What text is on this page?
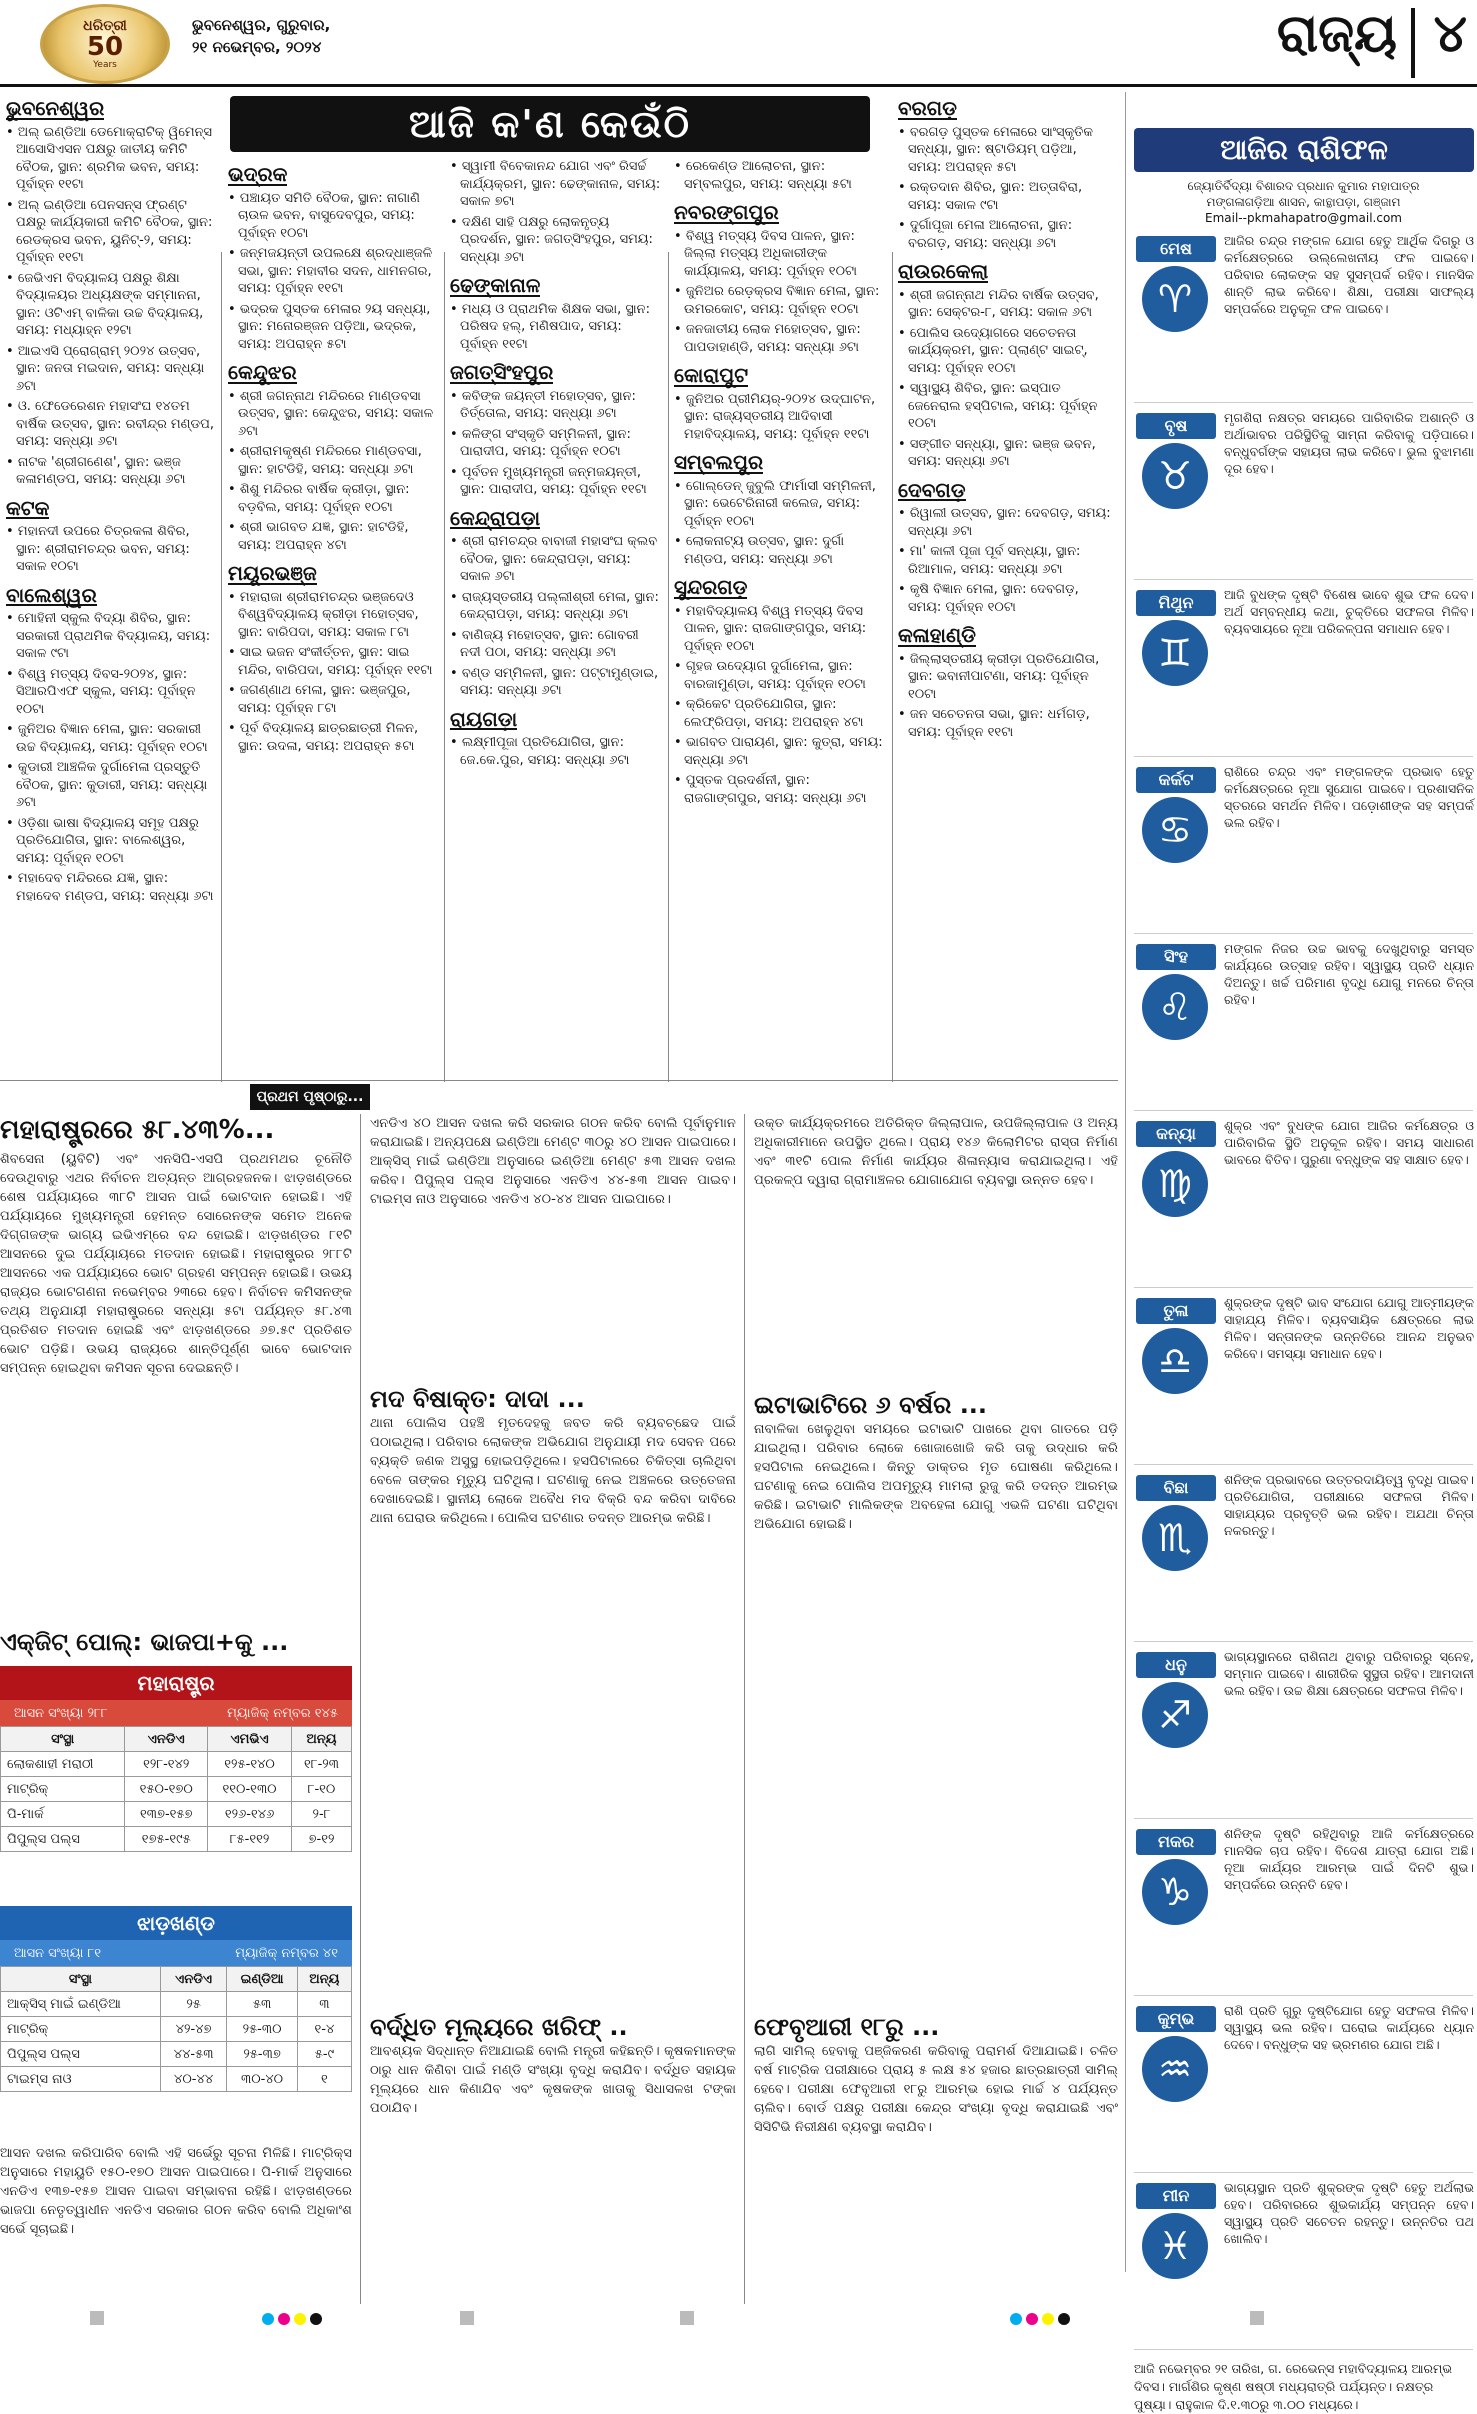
ଧରିତ୍ରୀ
50
Years
ଭୁବନେଶ୍ୱର, ଗୁରୁବାର,
୨୧ ନଭେମ୍ବର, ୨୦୨୪	ରାଜ୍ୟ ୪
ଭୁବନେଶ୍ୱର
• ଅଲ୍ ଇଣ୍ଡିଆ ଡେମୋକ୍ରାଟିକ୍ ୱିମେନ୍ସ ଆସୋସିଏସନ ପକ୍ଷରୁ ଜାତୀୟ କମିଟି ବୈଠକ, ସ୍ଥାନ: ଶ୍ରମିକ ଭବନ, ସମୟ: ପୂର୍ବାହ୍ନ ୧୧ଟା
• ଅଲ୍ ଇଣ୍ଡିଆ ପେନସନ୍ସ ଫ୍ରଣ୍ଟ ପକ୍ଷରୁ କାର୍ଯ୍ୟକାରୀ କମିଟି ବୈଠକ, ସ୍ଥାନ: ରେଡକ୍ରସ ଭବନ, ୟୁନିଟ୍-୨, ସମୟ: ପୂର୍ବାହ୍ନ ୧୧ଟା
• ଜେଭିଏମ ବିଦ୍ୟାଳୟ ପକ୍ଷରୁ ଶିକ୍ଷା ବିଦ୍ୟାଳୟର ଅଧ୍ୟକ୍ଷଙ୍କ ସମ୍ମାନନା, ସ୍ଥାନ: ଓଟିଏମ୍ ବାଳିକା ଉଚ୍ଚ ବିଦ୍ୟାଳୟ, ସମୟ: ମଧ୍ୟାହ୍ନ ୧୨ଟା
• ଆଇଏସି ପ୍ରୋଗ୍ରାମ୍ ୨୦୨୪ ଉତ୍ସବ, ସ୍ଥାନ: ଜନତା ମଇଦାନ, ସମୟ: ସନ୍ଧ୍ୟା ୬ଟା
• ଓ. ଫେଡେରେଶନ ମହାସଂଘ ୧୪ତମ ବାର୍ଷିକ ଉତ୍ସବ, ସ୍ଥାନ: ରବୀନ୍ଦ୍ର ମଣ୍ଡପ, ସମୟ: ସନ୍ଧ୍ୟା ୬ଟା
• ନାଟକ 'ଶ୍ରୀଗଣେଶ', ସ୍ଥାନ: ଭଞ୍ଜ କଳାମଣ୍ଡପ, ସମୟ: ସନ୍ଧ୍ୟା ୬ଟା
କଟକ
• ମହାନଦୀ ଉପରେ ଚିତ୍ରକଳା ଶିବିର, ସ୍ଥାନ: ଶ୍ରୀରାମଚନ୍ଦ୍ର ଭବନ, ସମୟ: ସକାଳ ୧୦ଟା
ବାଲେଶ୍ୱର
• ମୋହିନୀ ସ୍କୁଲ ବିଦ୍ୟା ଶିବିର, ସ୍ଥାନ: ସରକାରୀ ପ୍ରାଥମିକ ବିଦ୍ୟାଳୟ, ସମୟ: ସକାଳ ୯ଟା
• ବିଶ୍ୱ ମତ୍ସ୍ୟ ଦିବସ-୨୦୨୪, ସ୍ଥାନ: ସିଆରପିଏଫ ସ୍କୁଲ, ସମୟ: ପୂର୍ବାହ୍ନ ୧୦ଟା
• ଜୁନିଅର ବିଜ୍ଞାନ ମେଳା, ସ୍ଥାନ: ସରକାରୀ ଉଚ୍ଚ ବିଦ୍ୟାଳୟ, ସମୟ: ପୂର୍ବାହ୍ନ ୧୦ଟା
• କୁଡାରୀ ଆଞ୍ଚଳିକ ଦୁର୍ଗାମେଳା ପ୍ରସ୍ତୁତି ବୈଠକ, ସ୍ଥାନ: କୁଡାରୀ, ସମୟ: ସନ୍ଧ୍ୟା ୬ଟା
• ଓଡ଼ିଶା ଭାଷା ବିଦ୍ୟାଳୟ ସମୂହ ପକ୍ଷରୁ ପ୍ରତିଯୋଗିତା, ସ୍ଥାନ: ବାଲେଶ୍ୱର, ସମୟ: ପୂର୍ବାହ୍ନ ୧୦ଟା
• ମହାଦେବ ମନ୍ଦିରରେ ଯଜ୍ଞ, ସ୍ଥାନ: ମହାଦେବ ମଣ୍ଡପ, ସମୟ: ସନ୍ଧ୍ୟା ୬ଟା
ଭଦ୍ରକ
• ପଞ୍ଚାୟତ ସମିତି ବୈଠକ, ସ୍ଥାନ: ନାଗାଣି ଚାଉଳ ଭବନ, ବାସୁଦେବପୁର, ସମୟ: ପୂର୍ବାହ୍ନ ୧୦ଟା
• ଜନ୍ମଜୟନ୍ତୀ ଉପଲକ୍ଷେ ଶ୍ରଦ୍ଧାଞ୍ଜଳି ସଭା, ସ୍ଥାନ: ମହାବୀର ସଦନ, ଧାମନଗର, ସମୟ: ପୂର୍ବାହ୍ନ ୧୧ଟା
• ଭଦ୍ରକ ପୁସ୍ତକ ମେଳାର ୨ୟ ସନ୍ଧ୍ୟା, ସ୍ଥାନ: ମନୋରଞ୍ଜନ ପଡ଼ିଆ, ଭଦ୍ରକ, ସମୟ: ଅପରାହ୍ନ ୫ଟା
କେନ୍ଦୁଝର
• ଶ୍ରୀ ଜଗନ୍ନାଥ ମନ୍ଦିରରେ ମାଣ୍ଡବସା ଉତ୍ସବ, ସ୍ଥାନ: କେନ୍ଦୁଝର, ସମୟ: ସକାଳ ୬ଟା
• ଶ୍ରୀରାମକୃଷ୍ଣ ମନ୍ଦିରରେ ମାଣ୍ଡବସା, ସ୍ଥାନ: ହାଟଡିହି, ସମୟ: ସନ୍ଧ୍ୟା ୬ଟା
• ଶିଶୁ ମନ୍ଦିରର ବାର୍ଷିକ କ୍ରୀଡ଼ା, ସ୍ଥାନ: ବଡ଼ବିଲ, ସମୟ: ପୂର୍ବାହ୍ନ ୧୦ଟା
• ଶ୍ରୀ ଭାଗବତ ଯଜ୍ଞ, ସ୍ଥାନ: ହାଟଡିହି, ସମୟ: ଅପରାହ୍ନ ୪ଟା
ମୟୂରଭଞ୍ଜ
• ମହାରାଜା ଶ୍ରୀରାମଚନ୍ଦ୍ର ଭଞ୍ଜଦେଓ ବିଶ୍ୱବିଦ୍ୟାଳୟ କ୍ରୀଡ଼ା ମହୋତ୍ସବ, ସ୍ଥାନ: ବାରିପଦା, ସମୟ: ସକାଳ ୮ଟା
• ସାଇ ଭଜନ ସଂକୀର୍ତ୍ତନ, ସ୍ଥାନ: ସାଇ ମନ୍ଦିର, ବାରିପଦା, ସମୟ: ପୂର୍ବାହ୍ନ ୧୧ଟା
• ଜଗଣ୍ଣାଥ ମେଳା, ସ୍ଥାନ: ଭଞ୍ଜପୁର, ସମୟ: ପୂର୍ବାହ୍ନ ୮ଟା
• ପୂର୍ବ ବିଦ୍ୟାଳୟ ଛାତ୍ରଛାତ୍ରୀ ମିଳନ, ସ୍ଥାନ: ଉଦଳା, ସମୟ: ଅପରାହ୍ନ ୫ଟା
• ସ୍ୱାମୀ ବିବେକାନନ୍ଦ ଯୋଗ ଏବଂ ରିସର୍ଚ୍ଚ କାର୍ଯ୍ୟକ୍ରମ, ସ୍ଥାନ: ଢେଙ୍କାନାଳ, ସମୟ: ସକାଳ ୭ଟା
• ଦକ୍ଷିଣ ସାହି ପକ୍ଷରୁ ଲୋକନୃତ୍ୟ ପ୍ରଦର୍ଶନ, ସ୍ଥାନ: ଜଗତ୍ସିଂହପୁର, ସମୟ: ସନ୍ଧ୍ୟା ୬ଟା
ଢେଙ୍କାନାଳ
• ମଧ୍ୟ ଓ ପ୍ରାଥମିକ ଶିକ୍ଷକ ସଭା, ସ୍ଥାନ: ପରିଷଦ ହଲ୍, ମଣିଷପାଦ, ସମୟ: ପୂର୍ବାହ୍ନ ୧୧ଟା
ଜଗତ୍‌ସିଂହପୁର
• କବିଙ୍କ ଜୟନ୍ତୀ ମହୋତ୍ସବ, ସ୍ଥାନ: ତିର୍ତ୍ତୋଲ, ସମୟ: ସନ୍ଧ୍ୟା ୬ଟା
• କଳିଙ୍ଗ ସଂସ୍କୃତି ସମ୍ମିଳନୀ, ସ୍ଥାନ: ପାରାଦୀପ, ସମୟ: ପୂର୍ବାହ୍ନ ୧୦ଟା
• ପୂର୍ବତନ ମୁଖ୍ୟମନ୍ତ୍ରୀ ଜନ୍ମଜୟନ୍ତୀ, ସ୍ଥାନ: ପାରାଦୀପ, ସମୟ: ପୂର୍ବାହ୍ନ ୧୧ଟା
କେନ୍ଦ୍ରାପଡ଼ା
• ଶ୍ରୀ ରାମଚନ୍ଦ୍ର ବାବାଜୀ ମହାସଂଘ କ୍ଲବ ବୈଠକ, ସ୍ଥାନ: କେନ୍ଦ୍ରାପଡ଼ା, ସମୟ: ସକାଳ ୬ଟା
• ରାଜ୍ୟସ୍ତରୀୟ ପଲ୍ଲୀଶ୍ରୀ ମେଳା, ସ୍ଥାନ: କେନ୍ଦ୍ରାପଡ଼ା, ସମୟ: ସନ୍ଧ୍ୟା ୬ଟା
• ବାଣିଜ୍ୟ ମହୋତ୍ସବ, ସ୍ଥାନ: ଗୋବରୀ ନଦୀ ପଠା, ସମୟ: ସନ୍ଧ୍ୟା ୬ଟା
• ବଣ୍ଡ ସମ୍ମିଳନୀ, ସ୍ଥାନ: ପଟ୍ଟାମୁଣ୍ଡାଇ, ସମୟ: ସନ୍ଧ୍ୟା ୬ଟା
ରାୟଗଡ଼ା
• ଲକ୍ଷ୍ମୀପୂଜା ପ୍ରତିଯୋଗିତା, ସ୍ଥାନ: ଜେ.କେ.ପୁର, ସମୟ: ସନ୍ଧ୍ୟା ୬ଟା
• ରେକେଣ୍ଡ ଆଲୋଚନା, ସ୍ଥାନ: ସମ୍ବଲପୁର, ସମୟ: ସନ୍ଧ୍ୟା ୫ଟା
ନବରଙ୍ଗପୁର
• ବିଶ୍ୱ ମତ୍ସ୍ୟ ଦିବସ ପାଳନ, ସ୍ଥାନ: ଜିଲ୍ଲା ମତ୍ସ୍ୟ ଅଧିକାରୀଙ୍କ କାର୍ଯ୍ୟାଳୟ, ସମୟ: ପୂର୍ବାହ୍ନ ୧୦ଟା
• ଜୁନିଅର ରେଡ଼କ୍ରସ ବିଜ୍ଞାନ ମେଳା, ସ୍ଥାନ: ଉମରକୋଟ, ସମୟ: ପୂର୍ବାହ୍ନ ୧୦ଟା
• ଜନଜାତୀୟ ଲୋକ ମହୋତ୍ସବ, ସ୍ଥାନ: ପାପଡାହାଣ୍ଡି, ସମୟ: ସନ୍ଧ୍ୟା ୬ଟା
କୋରାପୁଟ
• ଜୁନିଅର ପ୍ରୀମିୟର୍-୨୦୨୪ ଉଦ୍‌ଘାଟନ, ସ୍ଥାନ: ରାଜ୍ୟସ୍ତରୀୟ ଆଦିବାସୀ ମହାବିଦ୍ୟାଳୟ, ସମୟ: ପୂର୍ବାହ୍ନ ୧୧ଟା
ସମ୍ବଲପୁର
• ଗୋଲ୍ଡେନ୍ ଜୁବୁଲି ଫାର୍ମାସୀ ସମ୍ମିଳନୀ, ସ୍ଥାନ: ଭେଟେରିନାରୀ କଲେଜ, ସମୟ: ପୂର୍ବାହ୍ନ ୧୦ଟା
• ଲୋକନାଟ୍ୟ ଉତ୍ସବ, ସ୍ଥାନ: ଦୁର୍ଗା ମଣ୍ଡପ, ସମୟ: ସନ୍ଧ୍ୟା ୬ଟା
ସୁନ୍ଦରଗଡ଼
• ମହାବିଦ୍ୟାଳୟ ବିଶ୍ୱ ମତ୍ସ୍ୟ ଦିବସ ପାଳନ, ସ୍ଥାନ: ରାଜଗାଙ୍ଗପୁର, ସମୟ: ପୂର୍ବାହ୍ନ ୧୦ଟା
• ଗୃହଜ ଉଦ୍ୟୋଗ ଦୁର୍ଗାମେଳା, ସ୍ଥାନ: ବାରଜାମୁଣ୍ଡା, ସମୟ: ପୂର୍ବାହ୍ନ ୧୦ଟା
• କ୍ରିକେଟ ପ୍ରତିଯୋଗିତା, ସ୍ଥାନ: ଲେଫ୍ରିପଡ଼ା, ସମୟ: ଅପରାହ୍ନ ୪ଟା
• ଭାଗବତ ପାରାୟଣ, ସ୍ଥାନ: କୁତ୍ରା, ସମୟ: ସନ୍ଧ୍ୟା ୬ଟା
• ପୁସ୍ତକ ପ୍ରଦର୍ଶନୀ, ସ୍ଥାନ: ରାଜଗାଙ୍ଗପୁର, ସମୟ: ସନ୍ଧ୍ୟା ୬ଟା
ବରଗଡ଼
• ବରଗଡ଼ ପୁସ୍ତକ ମେଳାରେ ସାଂସ୍କୃତିକ ସନ୍ଧ୍ୟା, ସ୍ଥାନ: ଷ୍ଟାଡିୟମ୍ ପଡ଼ିଆ, ସମୟ: ଅପରାହ୍ନ ୫ଟା
• ରକ୍ତଦାନ ଶିବିର, ସ୍ଥାନ: ଅତ୍ତାବିରା, ସମୟ: ସକାଳ ୯ଟା
• ଦୁର୍ଗାପୂଜା ମେଳା ଆଲୋଚନା, ସ୍ଥାନ: ବରଗଡ଼, ସମୟ: ସନ୍ଧ୍ୟା ୬ଟା
ରାଉରକେଲା
• ଶ୍ରୀ ଜଗନ୍ନାଥ ମନ୍ଦିର ବାର୍ଷିକ ଉତ୍ସବ, ସ୍ଥାନ: ସେକ୍ଟର-୮, ସମୟ: ସକାଳ ୬ଟା
• ପୋଲିସ ଉଦ୍ୟୋଗରେ ସଚେତନତା କାର୍ଯ୍ୟକ୍ରମ, ସ୍ଥାନ: ପ୍ଲାଣ୍ଟ ସାଇଟ୍, ସମୟ: ପୂର୍ବାହ୍ନ ୧୦ଟା
• ସ୍ୱାସ୍ଥ୍ୟ ଶିବିର, ସ୍ଥାନ: ଇସ୍ପାତ ଜେନେରାଲ ହସ୍ପିଟାଲ, ସମୟ: ପୂର୍ବାହ୍ନ ୧୦ଟା
• ସଙ୍ଗୀତ ସନ୍ଧ୍ୟା, ସ୍ଥାନ: ଭଞ୍ଜ ଭବନ, ସମୟ: ସନ୍ଧ୍ୟା ୬ଟା
ଦେବଗଡ଼
• ରିୱାଲୀ ଉତ୍ସବ, ସ୍ଥାନ: ଦେବଗଡ଼, ସମୟ: ସନ୍ଧ୍ୟା ୬ଟା
• ମା' କାଳୀ ପୂଜା ପୂର୍ବ ସନ୍ଧ୍ୟା, ସ୍ଥାନ: ରିଆମାଳ, ସମୟ: ସନ୍ଧ୍ୟା ୬ଟା
• କୃଷି ବିଜ୍ଞାନ ମେଳା, ସ୍ଥାନ: ଦେବଗଡ଼, ସମୟ: ପୂର୍ବାହ୍ନ ୧୦ଟା
କଳାହାଣ୍ଡି
• ଜିଲ୍ଲାସ୍ତରୀୟ କ୍ରୀଡ଼ା ପ୍ରତିଯୋଗିତା, ସ୍ଥାନ: ଭବାନୀପାଟଣା, ସମୟ: ପୂର୍ବାହ୍ନ ୧୦ଟା
• ଜନ ସଚେତନତା ସଭା, ସ୍ଥାନ: ଧର୍ମଗଡ଼, ସମୟ: ପୂର୍ବାହ୍ନ ୧୧ଟା
ଆଜି କ'ଣ କେଉଁଠି
ଆଜିର ରାଶିଫଳ
ଜ୍ୟୋତିର୍ବିଦ୍ୟା ବିଶାରଦ ପ୍ରଧାନ କୁମାର ମହାପାତ୍ର
ମଙ୍ଗଳାଗଡ଼ିଆ ଶାସନ, କାନ୍ଥାପଡ଼ା, ଗଞ୍ଜାମ
Email--pkmahapatro@gmail.com
ମେଷ
♈
ଆଜିର ଚନ୍ଦ୍ର ମଙ୍ଗଳ ଯୋଗ ହେତୁ ଆର୍ଥିକ ଦିଗରୁ ଓ କର୍ମକ୍ଷେତ୍ରରେ ଉଲ୍ଲେଖନୀୟ ଫଳ ପାଇବେ। ପରିବାର ଲୋକଙ୍କ ସହ ସୁସମ୍ପର୍କ ରହିବ। ମାନସିକ ଶାନ୍ତି ଲାଭ କରିବେ। ଶିକ୍ଷା, ପରୀକ୍ଷା ସାଫଲ୍ୟ ସମ୍ପର୍କରେ ଅନୁକୂଳ ଫଳ ପାଇବେ।
ବୃଷ
♉
ମୃଗଶିରା ନକ୍ଷତ୍ର ସମୟରେ ପାରିବାରିକ ଅଶାନ୍ତି ଓ ଅର୍ଥାଭାବର ପରିସ୍ଥିତିକୁ ସାମ୍ନା କରିବାକୁ ପଡ଼ିପାରେ। ବନ୍ଧୁବର୍ଗଙ୍କ ସହାୟତା ଲାଭ କରିବେ। ଭୁଲ ବୁଝାମଣା ଦୂର ହେବ।
ମିଥୁନ
♊
ଆଜି ବୁଧଙ୍କ ଦୃଷ୍ଟି ବିଶେଷ ଭାବେ ଶୁଭ ଫଳ ଦେବ। ଅର୍ଥ ସମ୍ବନ୍ଧୀୟ କଥା, ଚୁକ୍ତିରେ ସଫଳତା ମିଳିବ। ବ୍ୟବସାୟରେ ନୂଆ ପରିକଳ୍ପନା ସମାଧାନ ହେବ।
କର୍କଟ
♋
ରାଶିରେ ଚନ୍ଦ୍ର ଏବଂ ମଙ୍ଗଳଙ୍କ ପ୍ରଭାବ ହେତୁ କର୍ମକ୍ଷେତ୍ରରେ ନୂଆ ସୁଯୋଗ ପାଇବେ। ପ୍ରଶାସନିକ ସ୍ତରରେ ସମର୍ଥନ ମିଳିବ। ପଡ଼ୋଶୀଙ୍କ ସହ ସମ୍ପର୍କ ଭଲ ରହିବ।
ସିଂହ
♌
ମଙ୍ଗଳ ନିଜର ଉଚ୍ଚ ଭାବକୁ ଦେଖୁଥିବାରୁ ସମସ୍ତ କାର୍ଯ୍ୟରେ ଉତ୍ସାହ ରହିବ। ସ୍ୱାସ୍ଥ୍ୟ ପ୍ରତି ଧ୍ୟାନ ଦିଅନ୍ତୁ। ଖର୍ଚ୍ଚ ପରିମାଣ ବୃଦ୍ଧି ଯୋଗୁ ମନରେ ଚିନ୍ତା ରହିବ।
କନ୍ୟା
♍
ଶୁକ୍ର ଏବଂ ବୁଧଙ୍କ ଯୋଗ ଆଜିର କର୍ମକ୍ଷେତ୍ର ଓ ପାରିବାରିକ ସ୍ଥିତି ଅନୁକୂଳ ରହିବ। ସମୟ ସାଧାରଣ ଭାବରେ ବିତିବ। ପୁରୁଣା ବନ୍ଧୁଙ୍କ ସହ ସାକ୍ଷାତ ହେବ।
ତୁଳା
♎
ଶୁକ୍ରଙ୍କ ଦୃଷ୍ଟି ଭାବ ସଂଯୋଗ ଯୋଗୁ ଆତ୍ମୀୟଙ୍କ ସାହାଯ୍ୟ ମିଳିବ। ବ୍ୟବସାୟିକ କ୍ଷେତ୍ରରେ ଲାଭ ମିଳିବ। ସନ୍ତାନଙ୍କ ଉନ୍ନତିରେ ଆନନ୍ଦ ଅନୁଭବ କରିବେ। ସମସ୍ୟା ସମାଧାନ ହେବ।
ବିଛା
♏
ଶନିଙ୍କ ପ୍ରଭାବରେ ଉତ୍ତରଦାୟିତ୍ୱ ବୃଦ୍ଧି ପାଇବ। ପ୍ରତିଯୋଗିତା, ପରୀକ୍ଷାରେ ସଫଳତା ମିଳିବ। ସାହାଯ୍ୟର ପ୍ରବୃତ୍ତି ଭଲ ରହିବ। ଅଯଥା ଚିନ୍ତା ନକରନ୍ତୁ।
ଧନୁ
♐
ଭାଗ୍ୟସ୍ଥାନରେ ରାଶିନାଥ ଥିବାରୁ ପରିବାରରୁ ସ୍ନେହ, ସମ୍ମାନ ପାଇବେ। ଶାରୀରିକ ସୁସ୍ଥତା ରହିବ। ଆମଦାନୀ ଭଲ ରହିବ। ଉଚ୍ଚ ଶିକ୍ଷା କ୍ଷେତ୍ରରେ ସଫଳତା ମିଳିବ।
ମକର
♑
ଶନିଙ୍କ ଦୃଷ୍ଟି ରହିଥିବାରୁ ଆଜି କର୍ମକ୍ଷେତ୍ରରେ ମାନସିକ ଚାପ ରହିବ। ବିଦେଶ ଯାତ୍ରା ଯୋଗ ଅଛି। ନୂଆ କାର୍ଯ୍ୟର ଆରମ୍ଭ ପାଇଁ ଦିନଟି ଶୁଭ। ସମ୍ପର୍କରେ ଉନ୍ନତି ହେବ।
କୁମ୍ଭ
♒
ରାଶି ପ୍ରତି ଗୁରୁ ଦୃଷ୍ଟିଯୋଗ ହେତୁ ସଫଳତା ମିଳିବ। ସ୍ୱାସ୍ଥ୍ୟ ଭଲ ରହିବ। ଘରୋଇ କାର୍ଯ୍ୟରେ ଧ୍ୟାନ ଦେବେ। ବନ୍ଧୁଙ୍କ ସହ ଭ୍ରମଣର ଯୋଗ ଅଛି।
ମୀନ
♓
ଭାଗ୍ୟସ୍ଥାନ ପ୍ରତି ଶୁକ୍ରଙ୍କ ଦୃଷ୍ଟି ହେତୁ ଅର୍ଥଲାଭ ହେବ। ପରିବାରରେ ଶୁଭକାର୍ଯ୍ୟ ସମ୍ପନ୍ନ ହେବ। ସ୍ୱାସ୍ଥ୍ୟ ପ୍ରତି ସଚେତନ ରହନ୍ତୁ। ଉନ୍ନତିର ପଥ ଖୋଲିବ।
ଆଜି ନଭେମ୍ବର ୨୧ ତାରିଖ, ଗ. ରେଭେନ୍ସ ମହାବିଦ୍ୟାଳୟ ଆରମ୍ଭ ଦିବସ। ମାର୍ଗଶିର କୃଷ୍ଣ ଷଷ୍ଠୀ ମଧ୍ୟରାତ୍ରି ପର୍ଯ୍ୟନ୍ତ। ନକ୍ଷତ୍ର ପୁଷ୍ୟା। ରାହୁକାଳ ଦି.୧.୩୦ରୁ ୩.୦୦ ମଧ୍ୟରେ।
ପ୍ରଥମ ପୃଷ୍ଠାରୁ...
ମହାରାଷ୍ଟ୍ରରେ ୫୮.୪୩%...
ଶିବସେନା (ୟୁବିଟି) ଏବଂ ଏନସିପି-ଏସପି ପ୍ରଥମଥର ଚୂନୌତି ଦେଉଥିବାରୁ ଏଥର ନିର୍ବାଚନ ଅତ୍ୟନ୍ତ ଆଗ୍ରହଜନକ। ଝାଡ଼ଖଣ୍ଡରେ ଶେଷ ପର୍ଯ୍ୟାୟରେ ୩୮ଟି ଆସନ ପାଇଁ ଭୋଟଦାନ ହୋଇଛି। ଏହି ପର୍ଯ୍ୟାୟରେ ମୁଖ୍ୟମନ୍ତ୍ରୀ ହେମନ୍ତ ସୋରେନଙ୍କ ସମେତ ଅନେକ ଦିଗ୍‌ଗଜଙ୍କ ଭାଗ୍ୟ ଇଭିଏମ୍‌ରେ ବନ୍ଦ ହୋଇଛି। ଝାଡ଼ଖଣ୍ଡର ୮୧ଟି ଆସନରେ ଦୁଇ ପର୍ଯ୍ୟାୟରେ ମତଦାନ ହୋଇଛି। ମହାରାଷ୍ଟ୍ରର ୨୮୮ଟି ଆସନରେ ଏକ ପର୍ଯ୍ୟାୟରେ ଭୋଟ ଗ୍ରହଣ ସମ୍ପନ୍ନ ହୋଇଛି। ଉଭୟ ରାଜ୍ୟର ଭୋଟଗଣନା ନଭେମ୍ବର ୨୩ରେ ହେବ। ନିର୍ବାଚନ କମିସନଙ୍କ ତଥ୍ୟ ଅନୁଯାୟୀ ମହାରାଷ୍ଟ୍ରରେ ସନ୍ଧ୍ୟା ୫ଟା ପର୍ଯ୍ୟନ୍ତ ୫୮.୪୩ ପ୍ରତିଶତ ମତଦାନ ହୋଇଛି ଏବଂ ଝାଡ଼ଖଣ୍ଡରେ ୬୭.୫୯ ପ୍ରତିଶତ ଭୋଟ ପଡ଼ିଛି। ଉଭୟ ରାଜ୍ୟରେ ଶାନ୍ତିପୂର୍ଣ୍ଣ ଭାବେ ଭୋଟଦାନ ସମ୍ପନ୍ନ ହୋଇଥିବା କମିସନ ସୂଚନା ଦେଇଛନ୍ତି।
ଏକ୍‌ଜିଟ୍ ପୋଲ୍: ଭାଜପା+କୁ ...
ମହାରାଷ୍ଟ୍ର
ଆସନ ସଂଖ୍ୟା ୨୮୮	ମ୍ୟାଜିକ୍ ନମ୍ବର ୧୪୫
ସଂସ୍ଥା	ଏନଡିଏ	ଏମଭିଏ	ଅନ୍ୟ
ଲୋକଶାହୀ ମରାଠୀ	୧୨୮-୧୪୨	୧୨୫-୧୪୦	୧୮-୨୩
ମାଟ୍ରିକ୍	୧୫୦-୧୭୦	୧୧୦-୧୩୦	୮-୧୦
ପି-ମାର୍କ	୧୩୭-୧୫୭	୧୨୬-୧୪୬	୨-୮
ପିପୁଲ୍ସ ପଲ୍ସ	୧୭୫-୧୯୫	୮୫-୧୧୨	୭-୧୨
ଝାଡ଼ଖଣ୍ଡ
ଆସନ ସଂଖ୍ୟା ୮୧	ମ୍ୟାଜିକ୍ ନମ୍ବର ୪୧
ସଂସ୍ଥା	ଏନଡିଏ	ଇଣ୍ଡିଆ	ଅନ୍ୟ
ଆକ୍ସିସ୍ ମାଇଁ ଇଣ୍ଡିଆ	୨୫	୫୩	୩
ମାଟ୍ରିକ୍	୪୨-୪୭	୨୫-୩୦	୧-୪
ପିପୁଲ୍ସ ପଲ୍ସ	୪୪-୫୩	୨୫-୩୭	୫-୯
ଟାଇମ୍ସ ନାଓ	୪୦-୪୪	୩୦-୪୦	୧
ଆସନ ଦଖଲ କରିପାରିବ ବୋଲି ଏହି ସର୍ଭେରୁ ସୂଚନା ମିଳିଛି। ମାଟ୍ରିକ୍ସ ଅନୁସାରେ ମହାୟୁତି ୧୫୦-୧୭୦ ଆସନ ପାଇପାରେ। ପି-ମାର୍କ ଅନୁସାରେ ଏନଡିଏ ୧୩୭-୧୫୭ ଆସନ ପାଇବା ସମ୍ଭାବନା ରହିଛି। ଝାଡ଼ଖଣ୍ଡରେ ଭାଜପା ନେତୃତ୍ୱାଧୀନ ଏନଡିଏ ସରକାର ଗଠନ କରିବ ବୋଲି ଅଧିକାଂଶ ସର୍ଭେ ସୂଚାଇଛି।
ଏନଡିଏ ୪୦ ଆସନ ଦଖଲ କରି ସରକାର ଗଠନ କରିବ ବୋଲି ପୂର୍ବାନୁମାନ କରାଯାଇଛି। ଅନ୍ୟପକ୍ଷେ ଇଣ୍ଡିଆ ମେଣ୍ଟ ୩୦ରୁ ୪୦ ଆସନ ପାଇପାରେ। ଆକ୍ସିସ୍ ମାଇଁ ଇଣ୍ଡିଆ ଅନୁସାରେ ଇଣ୍ଡିଆ ମେଣ୍ଟ ୫୩ ଆସନ ଦଖଲ କରିବ। ପିପୁଲ୍ସ ପଲ୍ସ ଅନୁସାରେ ଏନଡିଏ ୪୪-୫୩ ଆସନ ପାଇବ। ଟାଇମ୍ସ ନାଓ ଅନୁସାରେ ଏନଡିଏ ୪୦-୪୪ ଆସନ ପାଇପାରେ।
ମଦ ବିଷାକ୍ତ: ଦାଦା ...
ଥାନା ପୋଲିସ ପହଞ୍ଚି ମୃତଦେହକୁ ଜବତ କରି ବ୍ୟବଚ୍ଛେଦ ପାଇଁ ପଠାଇଥିଲା। ପରିବାର ଲୋକଙ୍କ ଅଭିଯୋଗ ଅନୁଯାୟୀ ମଦ ସେବନ ପରେ ବ୍ୟକ୍ତି ଜଣକ ଅସୁସ୍ଥ ହୋଇପଡ଼ିଥିଲେ। ହସପିଟାଲରେ ଚିକିତ୍ସା ଚାଲିଥିବା ବେଳେ ତାଙ୍କର ମୃତ୍ୟୁ ଘଟିଥିଲା। ଘଟଣାକୁ ନେଇ ଅଞ୍ଚଳରେ ଉତ୍ତେଜନା ଦେଖାଦେଇଛି। ସ୍ଥାନୀୟ ଲୋକେ ଅବୈଧ ମଦ ବିକ୍ରି ବନ୍ଦ କରିବା ଦାବିରେ ଥାନା ଘେରାଉ କରିଥିଲେ। ପୋଲିସ ଘଟଣାର ତଦନ୍ତ ଆରମ୍ଭ କରିଛି।
ବର୍ଦ୍ଧିତ ମୂଲ୍ୟରେ ଖରିଫ୍ ..
ଆବଶ୍ୟକ ସିଦ୍ଧାନ୍ତ ନିଆଯାଇଛି ବୋଲି ମନ୍ତ୍ରୀ କହିଛନ୍ତି। କୃଷକମାନଙ୍କ ଠାରୁ ଧାନ କିଣିବା ପାଇଁ ମଣ୍ଡି ସଂଖ୍ୟା ବୃଦ୍ଧି କରାଯିବ। ବର୍ଦ୍ଧିତ ସହାୟକ ମୂଲ୍ୟରେ ଧାନ କିଣାଯିବ ଏବଂ କୃଷକଙ୍କ ଖାତାକୁ ସିଧାସଳଖ ଟଙ୍କା ପଠାଯିବ।
ଉକ୍ତ କାର୍ଯ୍ୟକ୍ରମରେ ଅତିରିକ୍ତ ଜିଲ୍ଲାପାଳ, ଉପଜିଲ୍ଲାପାଳ ଓ ଅନ୍ୟ ଅଧିକାରୀମାନେ ଉପସ୍ଥିତ ଥିଲେ। ପ୍ରାୟ ୧୪୬ କିଲୋମିଟର ରାସ୍ତା ନିର୍ମାଣ ଏବଂ ୩୧ଟି ପୋଲ ନିର୍ମାଣ କାର୍ଯ୍ୟର ଶିଳାନ୍ୟାସ କରାଯାଇଥିଲା। ଏହି ପ୍ରକଳ୍ପ ଦ୍ୱାରା ଗ୍ରାମାଞ୍ଚଳର ଯୋଗାଯୋଗ ବ୍ୟବସ୍ଥା ଉନ୍ନତ ହେବ।
ଇଟାଭାଟିରେ ୬ ବର୍ଷର ...
ନାବାଳିକା ଖେଳୁଥିବା ସମୟରେ ଇଟାଭାଟି ପାଖରେ ଥିବା ଗାତରେ ପଡ଼ି ଯାଇଥିଲା। ପରିବାର ଲୋକେ ଖୋଜାଖୋଜି କରି ତାକୁ ଉଦ୍ଧାର କରି ହସପିଟାଲ ନେଇଥିଲେ। କିନ୍ତୁ ଡାକ୍ତର ମୃତ ଘୋଷଣା କରିଥିଲେ। ଘଟଣାକୁ ନେଇ ପୋଲିସ ଅପମୃତ୍ୟୁ ମାମଲା ରୁଜୁ କରି ତଦନ୍ତ ଆରମ୍ଭ କରିଛି। ଇଟାଭାଟି ମାଲିକଙ୍କ ଅବହେଳା ଯୋଗୁ ଏଭଳି ଘଟଣା ଘଟିଥିବା ଅଭିଯୋଗ ହୋଇଛି।
ଫେବୃଆରୀ ୧୮ରୁ ...
ଲାଗି ସାମିଲ୍ ହେବାକୁ ପଞ୍ଜିକରଣ କରିବାକୁ ପରାମର୍ଶ ଦିଆଯାଇଛି। ଚଳିତ ବର୍ଷ ମାଟ୍ରିକ ପରୀକ୍ଷାରେ ପ୍ରାୟ ୫ ଲକ୍ଷ ୫୪ ହଜାର ଛାତ୍ରଛାତ୍ରୀ ସାମିଲ୍ ହେବେ। ପରୀକ୍ଷା ଫେବୃଆରୀ ୧୮ରୁ ଆରମ୍ଭ ହୋଇ ମାର୍ଚ୍ଚ ୪ ପର୍ଯ୍ୟନ୍ତ ଚାଲିବ। ବୋର୍ଡ ପକ୍ଷରୁ ପରୀକ୍ଷା କେନ୍ଦ୍ର ସଂଖ୍ୟା ବୃଦ୍ଧି କରାଯାଇଛି ଏବଂ ସିସିଟିଭି ନିରୀକ୍ଷଣ ବ୍ୟବସ୍ଥା କରାଯିବ।
